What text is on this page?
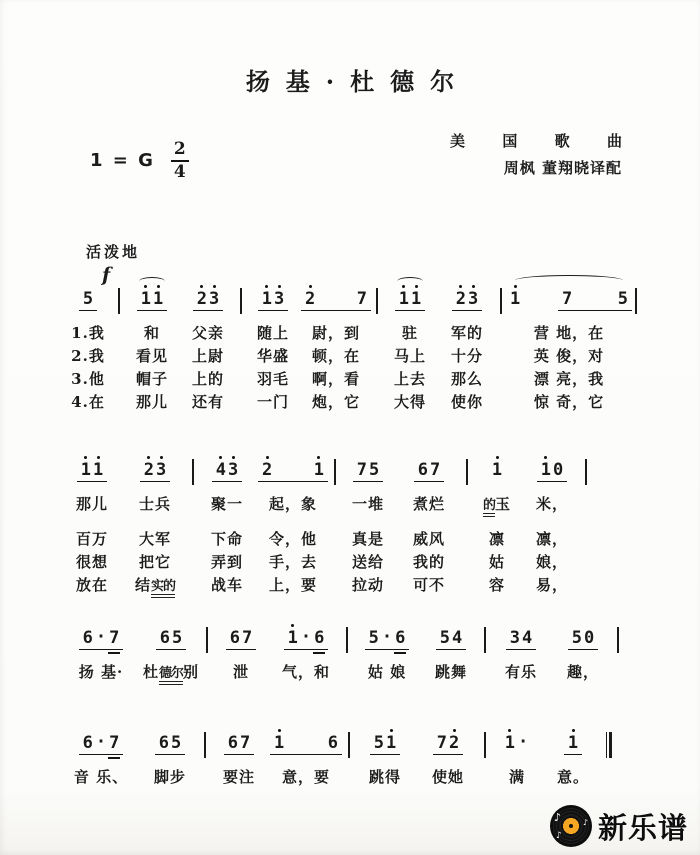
扬基·杜德尔
1 = G $\frac{2}{4}$	美 国 歌 曲
周枫 董翔晓译配
活泼地
f
5	1 1 2 3	1 3 2 7 1 1 2 3 1 7	5
1.我	和	父亲	随上	尉，到	驻	军的	营 地，在
2.我	看见	上尉	华盛	顿，在	马上	十分	英 俊，对
3.他	帽子	上的	羽毛	啊，看	上去	那么	漂 亮，我
4.在	那儿	还有	一门	炮，它	大得	使你	惊 奇，它
1 1 2 3	4 3 2 1 7 5 6 7	1 1 0
那儿	士兵	聚一	起，象	一堆	煮烂	的玉	米，
百万	大军	下命	令，他	真是	威风	凛	凛，
很想	把它	弄到	手，去	送给	我的	姑	娘，
放在	结实的	战车	上，要	拉动	可不	容	易，
6 · 7 6 5	6 7 1 · 6	5 · 6 5 4	3 4 5 0
扬 基·	杜德尔别	泄	气，和	姑 娘	跳舞	有乐	趣，
6 · 7 6 5	6 7 1	6 5 1 7 2	1 · 1
音 乐、	脚步	要注	意，要	跳得	使她	满	意。
♪
♪
♪ 新乐谱
